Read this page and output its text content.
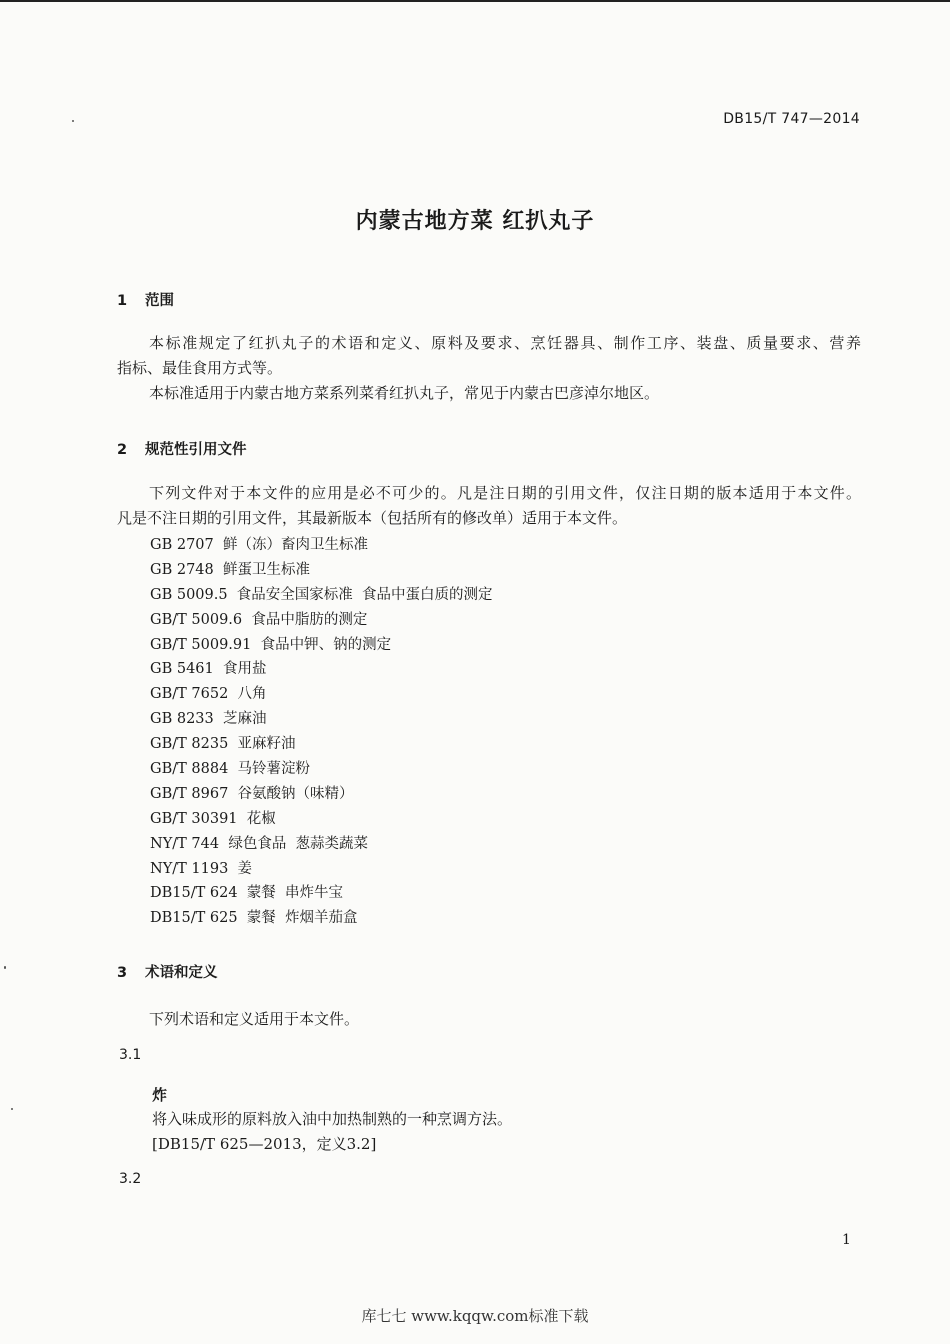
DB15/T 747—2014
内蒙古地方菜 红扒丸子
1 范围
本标准规定了红扒丸子的术语和定义、原料及要求、烹饪器具、制作工序、装盘、质量要求、营养
指标、最佳食用方式等。
本标准适用于内蒙古地方菜系列菜肴红扒丸子，常见于内蒙古巴彦淖尔地区。
2 规范性引用文件
下列文件对于本文件的应用是必不可少的。凡是注日期的引用文件，仅注日期的版本适用于本文件。
凡是不注日期的引用文件，其最新版本（包括所有的修改单）适用于本文件。
GB 2707  鲜（冻）畜肉卫生标准
GB 2748  鲜蛋卫生标准
GB 5009.5  食品安全国家标准  食品中蛋白质的测定
GB/T 5009.6  食品中脂肪的测定
GB/T 5009.91  食品中钾、钠的测定
GB 5461  食用盐
GB/T 7652  八角
GB 8233  芝麻油
GB/T 8235  亚麻籽油
GB/T 8884  马铃薯淀粉
GB/T 8967  谷氨酸钠（味精）
GB/T 30391  花椒
NY/T 744  绿色食品  葱蒜类蔬菜
NY/T 1193  姜
DB15/T 624  蒙餐  串炸牛宝
DB15/T 625  蒙餐  炸烟羊茄盒
3 术语和定义
下列术语和定义适用于本文件。
3.1
炸
将入味成形的原料放入油中加热制熟的一种烹调方法。
[DB15/T 625—2013，定义3.2]
3.2
1
库七七 www.kqqw.com标准下载
